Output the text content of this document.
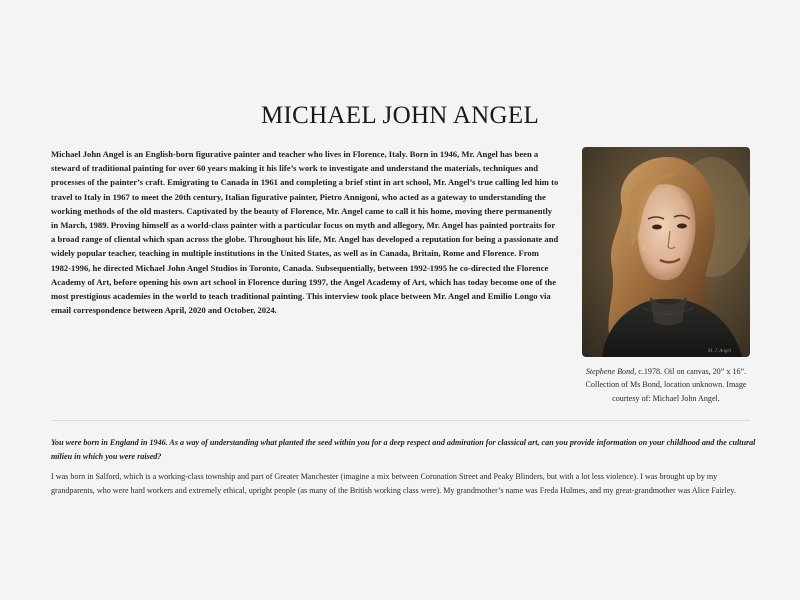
MICHAEL JOHN ANGEL

Michael John Angel is an English-born figurative painter and teacher who lives in Florence, Italy. Born in 1946, Mr. Angel has been a steward of traditional painting for over 60 years making it his life’s work to investigate and understand the materials, techniques and processes of the painter’s craft. Emigrating to Canada in 1961 and completing a brief stint in art school, Mr. Angel’s true calling led him to travel to Italy in 1967 to meet the 20th century, Italian figurative painter, Pietro Annigoni, who acted as a gateway to understanding the working methods of the old masters. Captivated by the beauty of Florence, Mr. Angel came to call it his home, moving there permanently in March, 1989. Proving himself as a world-class painter with a particular focus on myth and allegory, Mr. Angel has painted portraits for a broad range of cliental which span across the globe. Throughout his life, Mr. Angel has developed a reputation for being a passionate and widely popular teacher, teaching in multiple institutions in the United States, as well as in Canada, Britain, Rome and Florence. From 1982-1996, he directed Michael John Angel Studios in Toronto, Canada. Subsequentially, between 1992-1995 he co-directed the Florence Academy of Art, before opening his own art school in Florence during 1997, the Angel Academy of Art, which has today become one of the most prestigious academies in the world to teach traditional painting. This interview took place between Mr. Angel and Emilio Longo via email correspondence between April, 2020 and October, 2024.

M. J. Angel
Stephene Bond, c.1978. Oil on canvas, 20” x 16”. Collection of Ms Bond, location unknown. Image courtesy of: Michael John Angel.

You were born in England in 1946. As a way of understanding what planted the seed within you for a deep respect and admiration for classical art, can you provide information on your childhood and the cultural milieu in which you were raised?

I was born in Salford, which is a working-class township and part of Greater Manchester (imagine a mix between Coronation Street and Peaky Blinders, but with a lot less violence). I was brought up by my grandparents, who were hard workers and extremely ethical, upright people (as many of the British working class were). My grandmother’s name was Freda Hulmes, and my great-grandmother was Alice Fairley.
